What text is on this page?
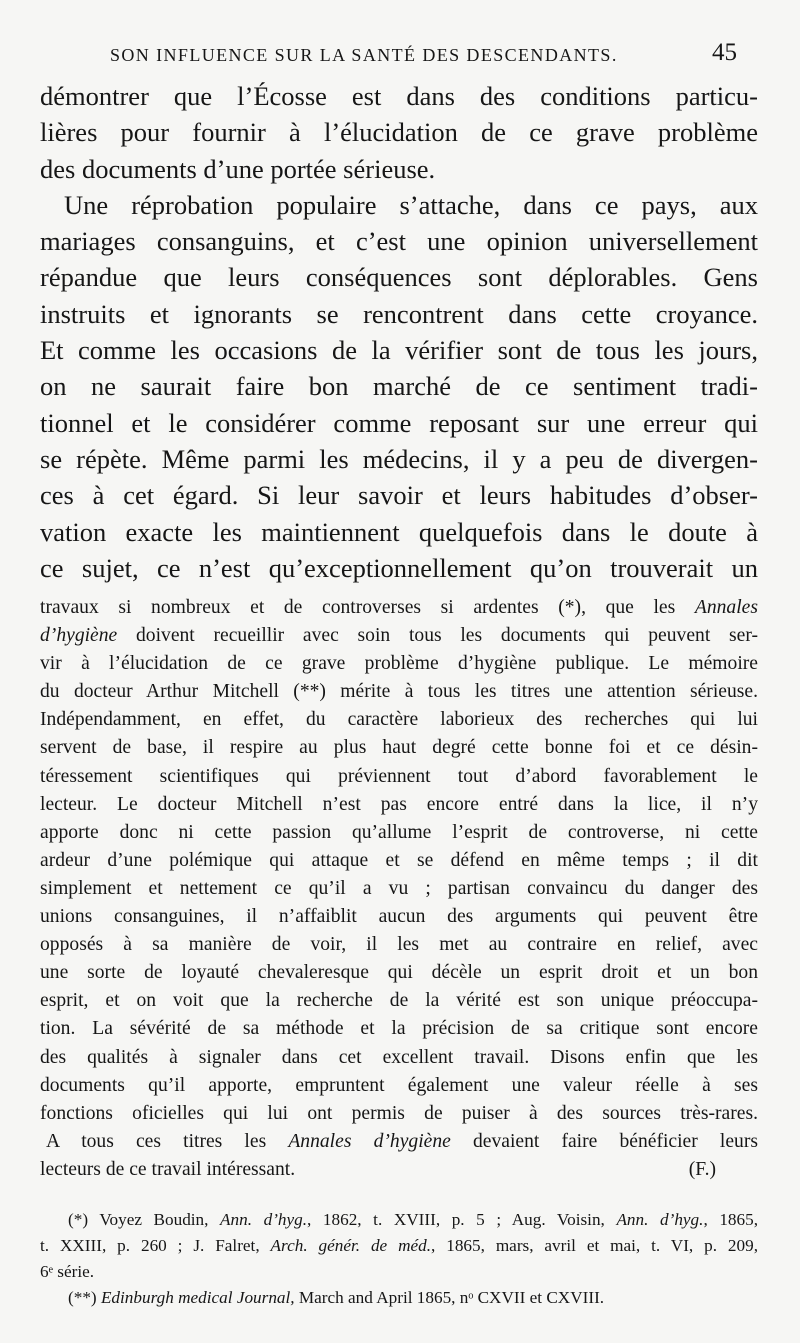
SON INFLUENCE SUR LA SANTÉ DES DESCENDANTS.	45
démontrer que l’Écosse est dans des conditions particu-
lières pour fournir à l’élucidation de ce grave problème
des documents d’une portée sérieuse.
Une réprobation populaire s’attache, dans ce pays, aux
mariages consanguins, et c’est une opinion universellement
répandue que leurs conséquences sont déplorables. Gens
instruits et ignorants se rencontrent dans cette croyance.
Et comme les occasions de la vérifier sont de tous les jours,
on ne saurait faire bon marché de ce sentiment tradi-
tionnel et le considérer comme reposant sur une erreur qui
se répète. Même parmi les médecins, il y a peu de divergen-
ces à cet égard. Si leur savoir et leurs habitudes d’obser-
vation exacte les maintiennent quelquefois dans le doute à
ce sujet, ce n’est qu’exceptionnellement qu’on trouverait un
travaux si nombreux et de controverses si ardentes (*), que les Annales
d’hygiène doivent recueillir avec soin tous les documents qui peuvent ser-
vir à l’élucidation de ce grave problème d’hygiène publique. Le mémoire
du docteur Arthur Mitchell (**) mérite à tous les titres une attention sérieuse.
Indépendamment, en effet, du caractère laborieux des recherches qui lui
servent de base, il respire au plus haut degré cette bonne foi et ce désin-
téressement scientifiques qui préviennent tout d’abord favorablement le
lecteur. Le docteur Mitchell n’est pas encore entré dans la lice, il n’y
apporte donc ni cette passion qu’allume l’esprit de controverse, ni cette
ardeur d’une polémique qui attaque et se défend en même temps ; il dit
simplement et nettement ce qu’il a vu ; partisan convaincu du danger des
unions consanguines, il n’affaiblit aucun des arguments qui peuvent être
opposés à sa manière de voir, il les met au contraire en relief, avec
une sorte de loyauté chevaleresque qui décèle un esprit droit et un bon
esprit, et on voit que la recherche de la vérité est son unique préoccupa-
tion. La sévérité de sa méthode et la précision de sa critique sont encore
des qualités à signaler dans cet excellent travail. Disons enfin que les
documents qu’il apporte, empruntent également une valeur réelle à ses
fonctions oficielles qui lui ont permis de puiser à des sources très-rares.
A tous ces titres les Annales d’hygiène devaient faire bénéficier leurs
lecteurs de ce travail intéressant.	(F.)
(*) Voyez Boudin, Ann. d’hyg., 1862, t. XVIII, p. 5 ; Aug. Voisin, Ann. d’hyg., 1865,
t. XXIII, p. 260 ; J. Falret, Arch. génér. de méd., 1865, mars, avril et mai, t. VI, p. 209,
6ᵉ série.
(**) Edinburgh medical Journal, March and April 1865, nᵒ CXVII et CXVIII.
